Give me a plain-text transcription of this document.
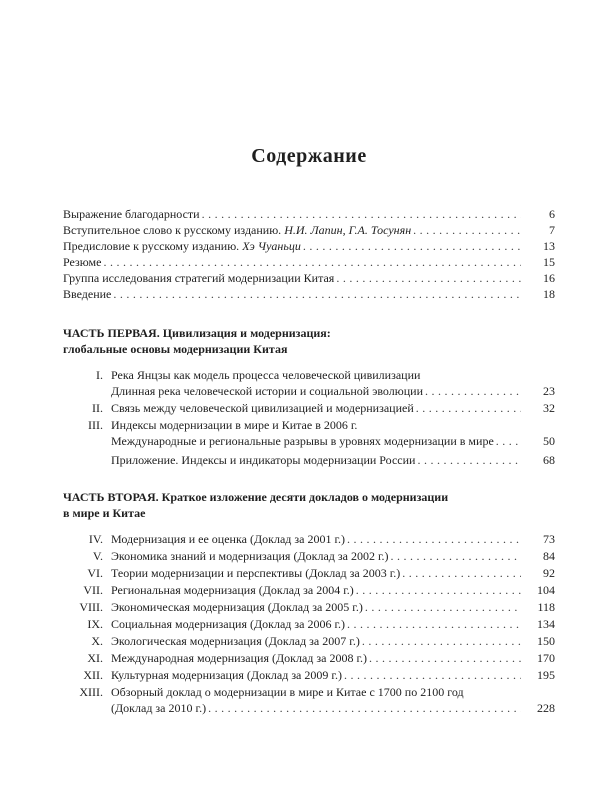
Содержание
Выражение благодарности .....	6
Вступительное слово к русскому изданию. Н.И. Лапин, Г.А. Тосунян .....	7
Предисловие к русскому изданию. Хэ Чуаньци .....	13
Резюме .....	15
Группа исследования стратегий модернизации Китая .....	16
Введение .....	18
ЧАСТЬ ПЕРВАЯ. Цивилизация и модернизация:
глобальные основы модернизации Китая
I. Река Янцзы как модель процесса человеческой цивилизации
Длинная река человеческой истории и социальной эволюции .....	23
II. Связь между человеческой цивилизацией и модернизацией .....	32
III. Индексы модернизации в мире и Китае в 2006 г.
Международные и региональные разрывы в уровнях модернизации в мире .....	50
Приложение. Индексы и индикаторы модернизации России .....	68
ЧАСТЬ ВТОРАЯ. Краткое изложение десяти докладов о модернизации
в мире и Китае
IV. Модернизация и ее оценка (Доклад за 2001 г.) .....	73
V. Экономика знаний и модернизация (Доклад за 2002 г.) .....	84
VI. Теории модернизации и перспективы (Доклад за 2003 г.) .....	92
VII. Региональная модернизация (Доклад за 2004 г.) .....	104
VIII. Экономическая модернизация (Доклад за 2005 г.) .....	118
IX. Социальная модернизация (Доклад за 2006 г.) .....	134
X. Экологическая модернизация (Доклад за 2007 г.) .....	150
XI. Международная модернизация (Доклад за 2008 г.) .....	170
XII. Культурная модернизация (Доклад за 2009 г.) .....	195
XIII. Обзорный доклад о модернизации в мире и Китае с 1700 по 2100 год
(Доклад за 2010 г.) .....	228
